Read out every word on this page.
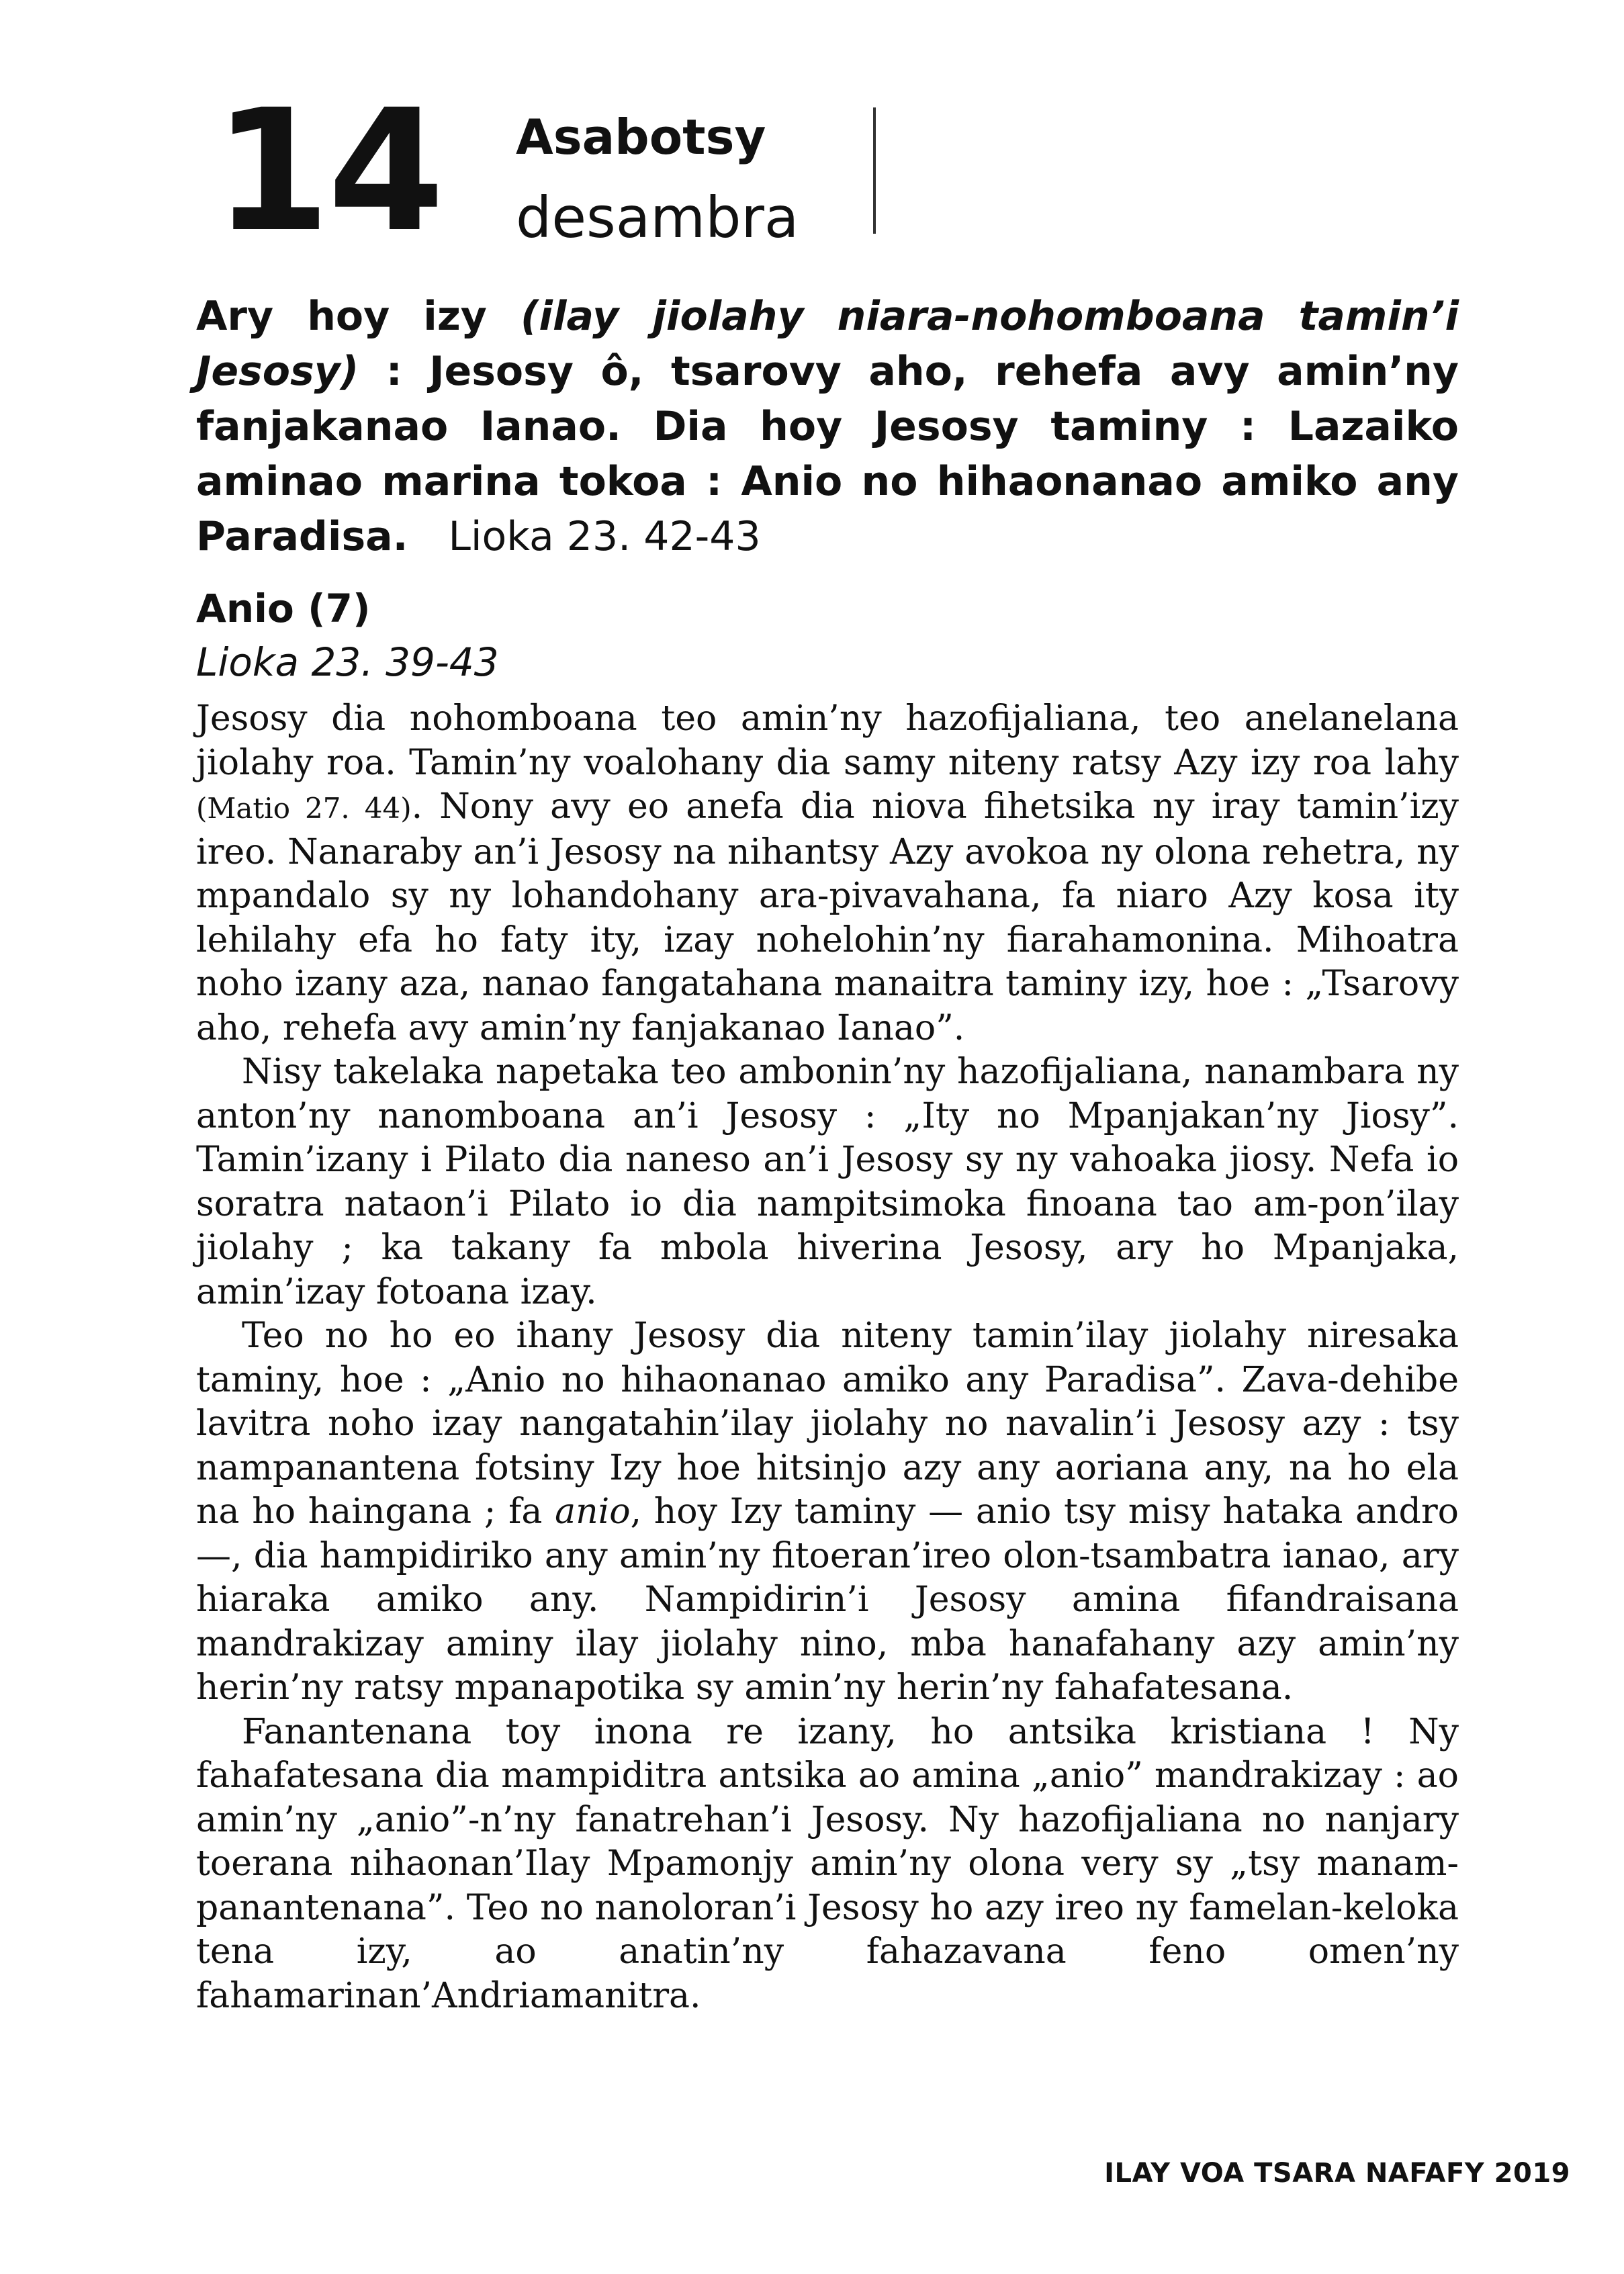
14 Asabotsy
desambra

Ary hoy izy (ilay jiolahy niara-nohomboana tamin’i Jesosy) : Jesosy ô, tsarovy aho, rehefa avy amin’ny fanjakanao Ianao. Dia hoy Jesosy taminy : Lazaiko aminao marina tokoa : Anio no hihaonanao amiko any Paradisa. Lioka 23. 42-43

Anio (7)
Lioka 23. 39-43

Jesosy dia nohomboana teo amin’ny hazofijaliana, teo anelanelana jiolahy roa. Tamin’ny voalohany dia samy niteny ratsy Azy izy roa lahy (Matio 27. 44). Nony avy eo anefa dia niova fihetsika ny iray tamin’izy ireo. Nanaraby an’i Jesosy na nihantsy Azy avokoa ny olona rehetra, ny mpandalo sy ny lohandohany ara-pivavahana, fa niaro Azy kosa ity lehilahy efa ho faty ity, izay nohelohin’ny fiarahamonina. Mihoatra noho izany aza, nanao fangatahana manaitra taminy izy, hoe : „Tsarovy aho, rehefa avy amin’ny fanjakanao Ianao”.

Nisy takelaka napetaka teo ambonin’ny hazofijaliana, nanambara ny anton’ny nanomboana an’i Jesosy : „Ity no Mpanjakan’ny Jiosy”. Tamin’izany i Pilato dia naneso an’i Jesosy sy ny vahoaka jiosy. Nefa io soratra nataon’i Pilato io dia nampitsimoka finoana tao am-pon’ilay jiolahy ; ka takany fa mbola hiverina Jesosy, ary ho Mpanjaka, amin’izay fotoana izay.

Teo no ho eo ihany Jesosy dia niteny tamin’ilay jiolahy niresaka taminy, hoe : „Anio no hihaonanao amiko any Paradisa”. Zava-dehibe lavitra noho izay nangatahin’ilay jiolahy no navalin’i Jesosy azy : tsy nampanantena fotsiny Izy hoe hitsinjo azy any aoriana any, na ho ela na ho haingana ; fa anio, hoy Izy taminy — anio tsy misy hataka andro —, dia hampidiriko any amin’ny fitoeran’ireo olon-tsambatra ianao, ary hiaraka amiko any. Nampidirin’i Jesosy amina fifandraisana mandrakizay aminy ilay jiolahy nino, mba hanafahany azy amin’ny herin’ny ratsy mpanapotika sy amin’ny herin’ny fahafatesana.

Fanantenana toy inona re izany, ho antsika kristiana ! Ny fahafatesana dia mampiditra antsika ao amina „anio” mandrakizay : ao amin’ny „anio”-n’ny fanatrehan’i Jesosy. Ny hazofijaliana no nanjary toerana nihaonan’Ilay Mpamonjy amin’ny olona very sy „tsy manam-panantenana”. Teo no nanoloran’i Jesosy ho azy ireo ny famelan-keloka tena izy, ao anatin’ny fahazavana feno omen’ny fahamarinan’Andriamanitra.

ILAY VOA TSARA NAFAFY 2019
